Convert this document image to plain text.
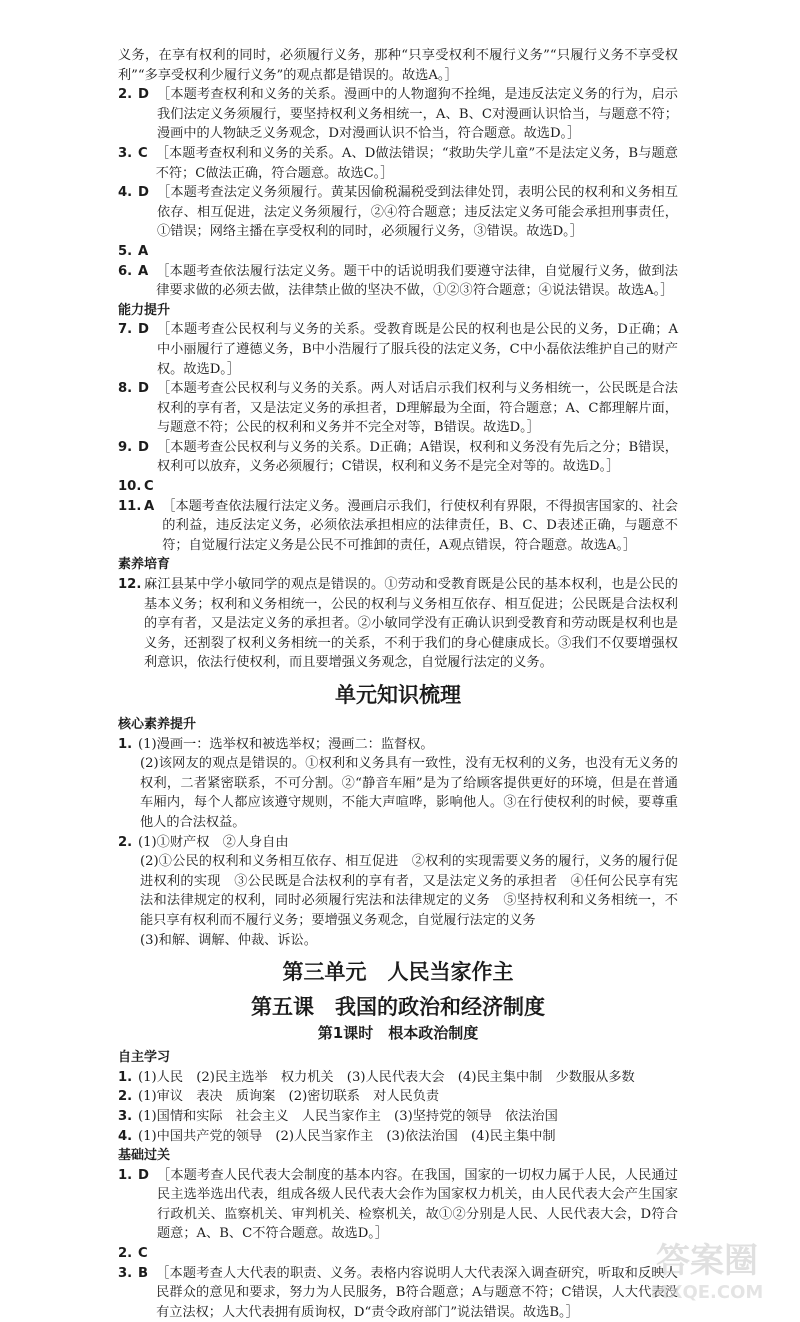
义务，在享有权利的同时，必须履行义务，那种“只享受权利不履行义务”“只履行义务不享受权利”“多享受权利少履行义务”的观点都是错误的。故选A。］

2. D ［本题考查权利和义务的关系。漫画中的人物遛狗不拴绳，是违反法定义务的行为，启示我们法定义务须履行，要坚持权利义务相统一，A、B、C对漫画认识恰当，与题意不符；漫画中的人物缺乏义务观念，D对漫画认识不恰当，符合题意。故选D。］
3. C ［本题考查权利和义务的关系。A、D做法错误；“救助失学儿童”不是法定义务，B与题意不符；C做法正确，符合题意。故选C。］
4. D ［本题考查法定义务须履行。黄某因偷税漏税受到法律处罚，表明公民的权利和义务相互依存、相互促进，法定义务须履行，②④符合题意；违反法定义务可能会承担刑事责任，①错误；网络主播在享受权利的同时，必须履行义务，③错误。故选D。］
5. A
6. A ［本题考查依法履行法定义务。题干中的话说明我们要遵守法律，自觉履行义务，做到法律要求做的必须去做，法律禁止做的坚决不做，①②③符合题意；④说法错误。故选A。］

能力提升

7. D ［本题考查公民权利与义务的关系。受教育既是公民的权利也是公民的义务，D正确；A中小丽履行了遵德义务，B中小浩履行了服兵役的法定义务，C中小磊依法维护自己的财产权。故选D。］
8. D ［本题考查公民权利与义务的关系。两人对话启示我们权利与义务相统一，公民既是合法权利的享有者，又是法定义务的承担者，D理解最为全面，符合题意；A、C都理解片面，与题意不符；公民的权利和义务并不完全对等，B错误。故选D。］
9. D ［本题考查公民权利与义务的关系。D正确；A错误，权利和义务没有先后之分；B错误，权利可以放弃，义务必须履行；C错误，权利和义务不是完全对等的。故选D。］
10. C
11. A ［本题考查依法履行法定义务。漫画启示我们，行使权利有界限，不得损害国家的、社会的利益，违反法定义务，必须依法承担相应的法律责任，B、C、D表述正确，与题意不符；自觉履行法定义务是公民不可推卸的责任，A观点错误，符合题意。故选A。］

素养培育

12. 麻江县某中学小敏同学的观点是错误的。①劳动和受教育既是公民的基本权利，也是公民的基本义务；权利和义务相统一，公民的权利与义务相互依存、相互促进；公民既是合法权利的享有者，又是法定义务的承担者。②小敏同学没有正确认识到受教育和劳动既是权利也是义务，还割裂了权利义务相统一的关系，不利于我们的身心健康成长。③我们不仅要增强权利意识，依法行使权利，而且要增强义务观念，自觉履行法定的义务。

单元知识梳理

核心素养提升

1. (1)漫画一：选举权和被选举权；漫画二：监督权。

(2)该网友的观点是错误的。①权利和义务具有一致性，没有无权利的义务，也没有无义务的权利，二者紧密联系，不可分割。②“静音车厢”是为了给顾客提供更好的环境，但是在普通车厢内，每个人都应该遵守规则，不能大声喧哗，影响他人。③在行使权利的时候，要尊重他人的合法权益。

2. (1)①财产权　②人身自由

(2)①公民的权利和义务相互依存、相互促进　②权利的实现需要义务的履行，义务的履行促进权利的实现　③公民既是合法权利的享有者，又是法定义务的承担者　④任何公民享有宪法和法律规定的权利，同时必须履行宪法和法律规定的义务　⑤坚持权利和义务相统一，不能只享有权利而不履行义务；要增强义务观念，自觉履行法定的义务

(3)和解、调解、仲裁、诉讼。

第三单元　人民当家作主

第五课　我国的政治和经济制度

第1课时　根本政治制度

自主学习

1. (1)人民　(2)民主选举　权力机关　(3)人民代表大会　(4)民主集中制　少数服从多数
2. (1)审议　表决　质询案　(2)密切联系　对人民负责
3. (1)国情和实际　社会主义　人民当家作主　(3)坚持党的领导　依法治国
4. (1)中国共产党的领导　(2)人民当家作主　(3)依法治国　(4)民主集中制

基础过关

1. D ［本题考查人民代表大会制度的基本内容。在我国，国家的一切权力属于人民，人民通过民主选举选出代表，组成各级人民代表大会作为国家权力机关，由人民代表大会产生国家行政机关、监察机关、审判机关、检察机关，故①②分别是人民、人民代表大会，D符合题意；A、B、C不符合题意。故选D。］
2. C
3. B ［本题考查人大代表的职责、义务。表格内容说明人大代表深入调查研究，听取和反映人民群众的意见和要求，努力为人民服务，B符合题意；A与题意不符；C错误，人大代表没有立法权；人大代表拥有质询权，D“责令政府部门”说法错误。故选B。］
答案圈
MXQE.COM
